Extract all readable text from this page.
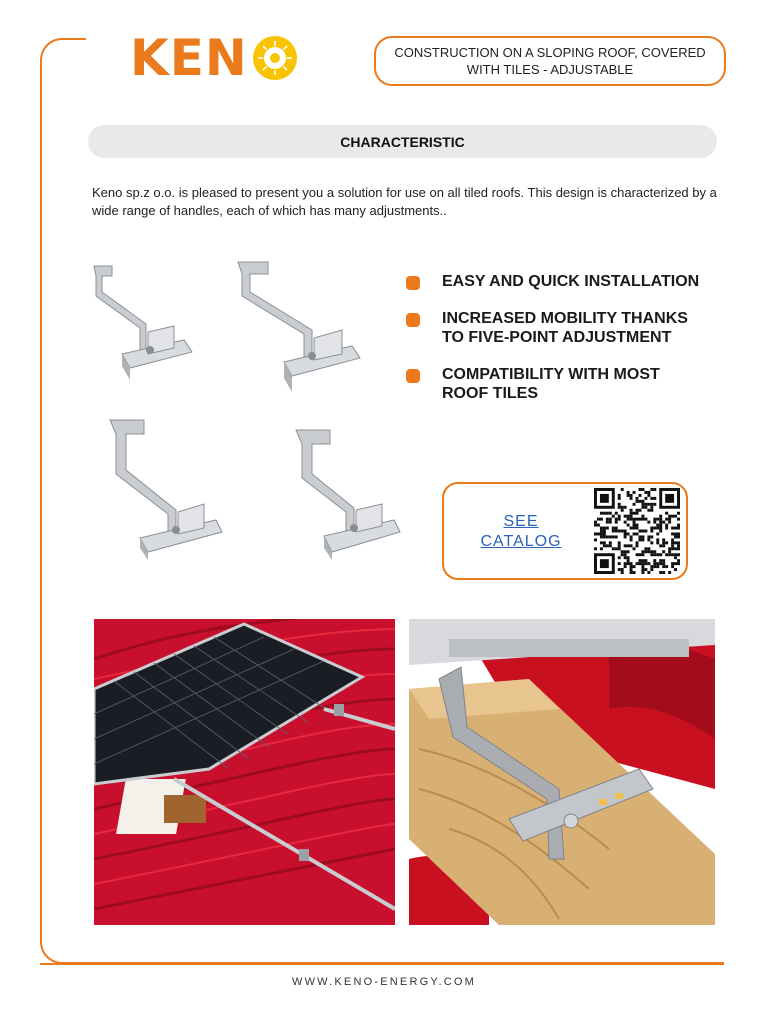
KEN	CONSTRUCTION ON A SLOPING ROOF, COVERED WITH TILES - ADJUSTABLE
CHARACTERISTIC
Keno sp.z o.o. is pleased to present you a solution for use on all tiled roofs. This design is characterized by a wide range of handles, each of which has many adjustments..
EASY AND QUICK INSTALLATION
INCREASED MOBILITY THANKS TO FIVE-POINT ADJUSTMENT
COMPATIBILITY WITH MOST ROOF TILES
SEE CATALOG
WWW.KENO-ENERGY.COM
